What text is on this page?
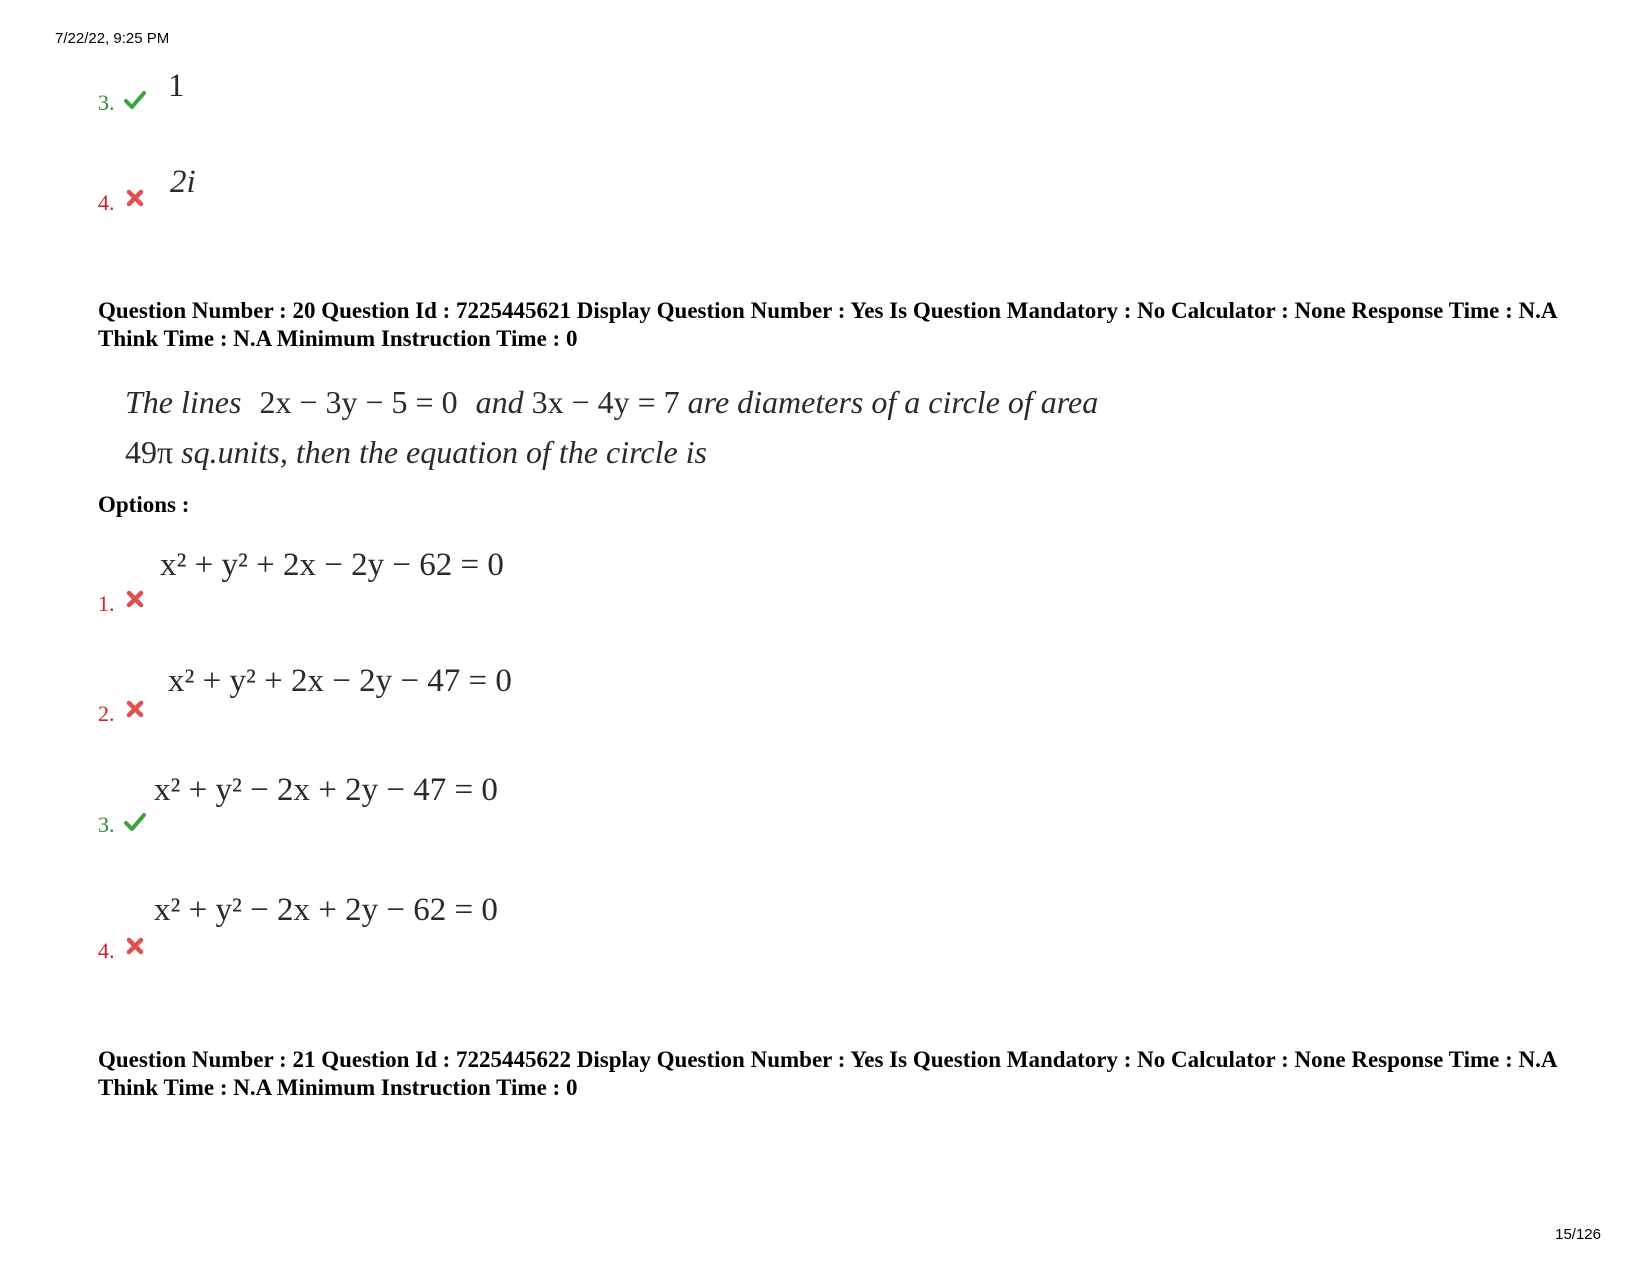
7/22/22, 9:25 PM
3. 1
4.
2i
Question Number : 20 Question Id : 7225445621 Display Question Number : Yes Is Question Mandatory : No Calculator : None Response Time : N.A Think Time : N.A Minimum Instruction Time : 0
The lines 2x − 3y − 5 = 0 and 3x − 4y = 7 are diameters of a circle of area
49π sq.units, then the equation of the circle is
Options :
1.
x² + y² + 2x − 2y − 62 = 0
2.
x² + y² + 2x − 2y − 47 = 0
3.
x² + y² − 2x + 2y − 47 = 0
4.
x² + y² − 2x + 2y − 62 = 0
Question Number : 21 Question Id : 7225445622 Display Question Number : Yes Is Question Mandatory : No Calculator : None Response Time : N.A Think Time : N.A Minimum Instruction Time : 0
15/126
